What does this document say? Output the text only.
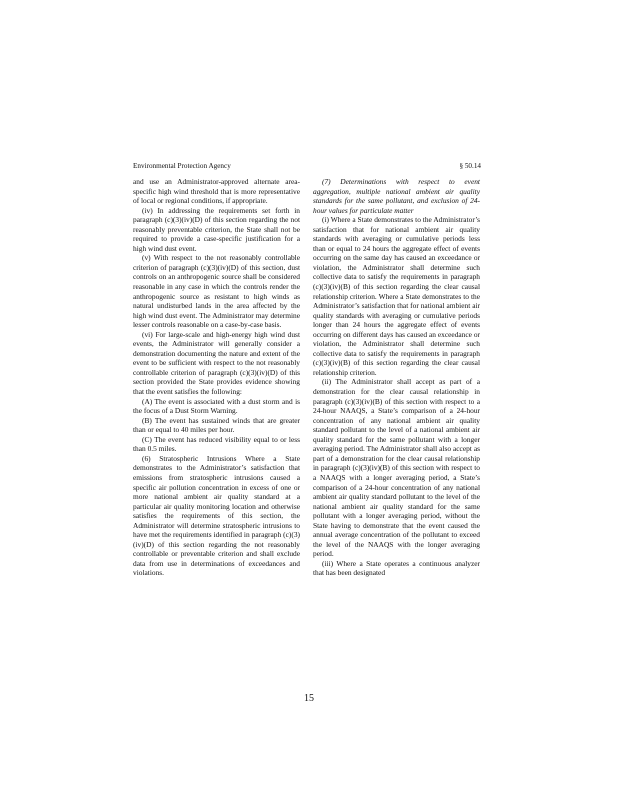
Environmental Protection Agency	§ 50.14

and use an Administrator-approved alternate area-specific high wind threshold that is more representative of local or regional conditions, if appropriate.

(iv) In addressing the requirements set forth in paragraph (c)(3)(iv)(D) of this section regarding the not reasonably preventable criterion, the State shall not be required to provide a case-specific justification for a high wind dust event.

(v) With respect to the not reasonably controllable criterion of paragraph (c)(3)(iv)(D) of this section, dust controls on an anthropogenic source shall be considered reasonable in any case in which the controls render the anthropogenic source as resistant to high winds as natural undisturbed lands in the area affected by the high wind dust event. The Administrator may determine lesser controls reasonable on a case-by-case basis.

(vi) For large-scale and high-energy high wind dust events, the Administrator will generally consider a demonstration documenting the nature and extent of the event to be sufficient with respect to the not reasonably controllable criterion of paragraph (c)(3)(iv)(D) of this section provided the State provides evidence showing that the event satisfies the following:

(A) The event is associated with a dust storm and is the focus of a Dust Storm Warning.

(B) The event has sustained winds that are greater than or equal to 40 miles per hour.

(C) The event has reduced visibility equal to or less than 0.5 miles.

(6) Stratospheric Intrusions Where a State demonstrates to the Administrator’s satisfaction that emissions from stratospheric intrusions caused a specific air pollution concentration in excess of one or more national ambient air quality standard at a particular air quality monitoring location and otherwise satisfies the requirements of this section, the Administrator will determine stratospheric intrusions to have met the requirements identified in paragraph (c)(3)(iv)(D) of this section regarding the not reasonably controllable or preventable criterion and shall exclude data from use in determinations of exceedances and violations.

(7) Determinations with respect to event aggregation, multiple national ambient air quality standards for the same pollutant, and exclusion of 24-hour values for particulate matter

(i) Where a State demonstrates to the Administrator’s satisfaction that for national ambient air quality standards with averaging or cumulative periods less than or equal to 24 hours the aggregate effect of events occurring on the same day has caused an exceedance or violation, the Administrator shall determine such collective data to satisfy the requirements in paragraph (c)(3)(iv)(B) of this section regarding the clear causal relationship criterion. Where a State demonstrates to the Administrator’s satisfaction that for national ambient air quality standards with averaging or cumulative periods longer than 24 hours the aggregate effect of events occurring on different days has caused an exceedance or violation, the Administrator shall determine such collective data to satisfy the requirements in paragraph (c)(3)(iv)(B) of this section regarding the clear causal relationship criterion.

(ii) The Administrator shall accept as part of a demonstration for the clear causal relationship in paragraph (c)(3)(iv)(B) of this section with respect to a 24-hour NAAQS, a State’s comparison of a 24-hour concentration of any national ambient air quality standard pollutant to the level of a national ambient air quality standard for the same pollutant with a longer averaging period. The Administrator shall also accept as part of a demonstration for the clear causal relationship in paragraph (c)(3)(iv)(B) of this section with respect to a NAAQS with a longer averaging period, a State’s comparison of a 24-hour concentration of any national ambient air quality standard pollutant to the level of the national ambient air quality standard for the same pollutant with a longer averaging period, without the State having to demonstrate that the event caused the annual average concentration of the pollutant to exceed the level of the NAAQS with the longer averaging period.

(iii) Where a State operates a continuous analyzer that has been designated

15
